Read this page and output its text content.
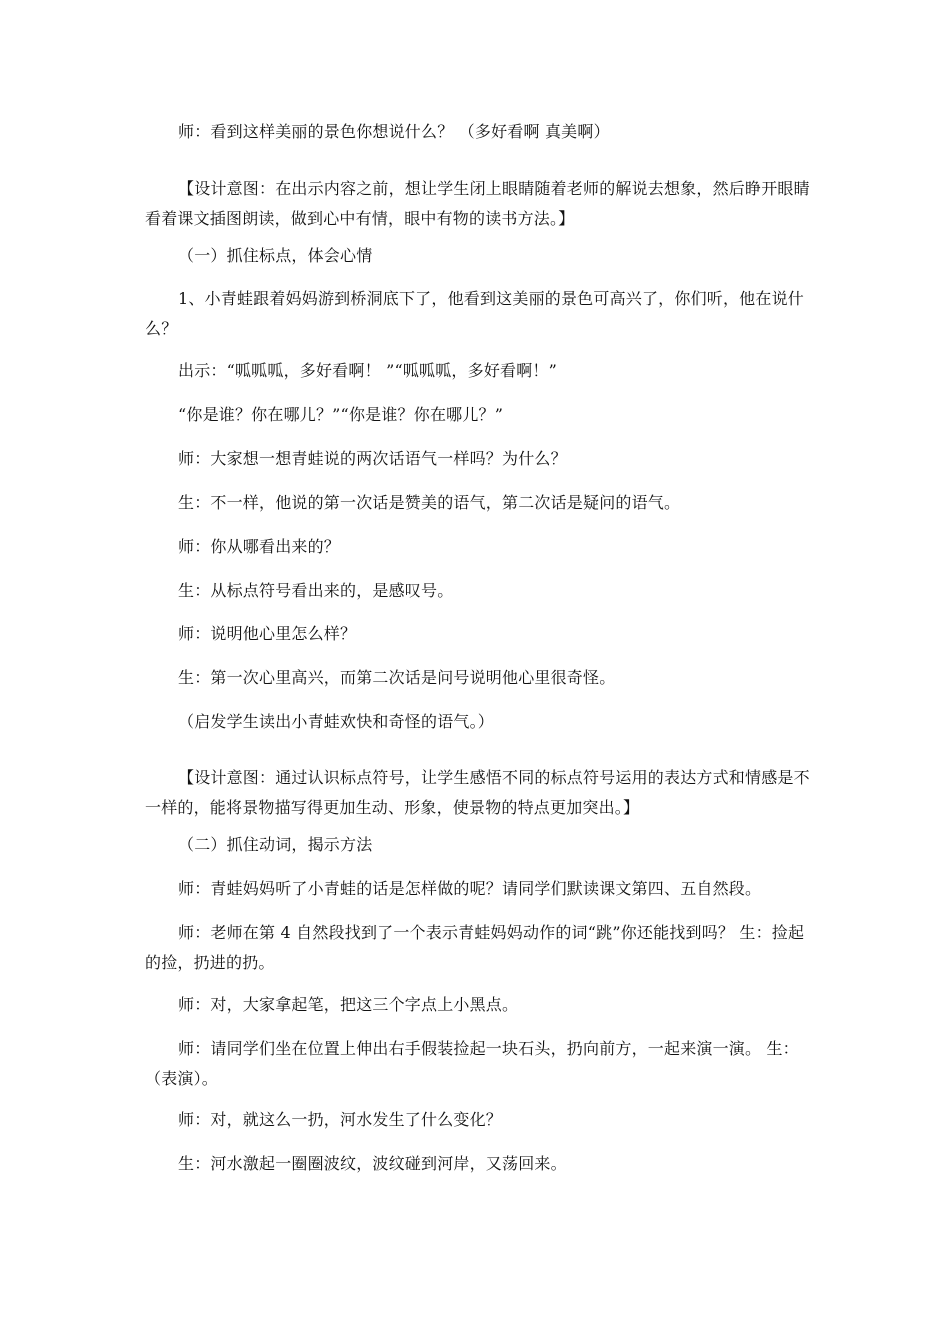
师：看到这样美丽的景色你想说什么？ （多好看啊 真美啊）
【设计意图：在出示内容之前，想让学生闭上眼睛随着老师的解说去想象，然后睁开眼睛看着课文插图朗读，做到心中有情，眼中有物的读书方法。】
（一）抓住标点，体会心情
1、小青蛙跟着妈妈游到桥洞底下了，他看到这美丽的景色可高兴了，你们听，他在说什么？
出示：“呱呱呱，多好看啊！ ”“呱呱呱，多好看啊！”
“你是谁？你在哪儿？”“你是谁？你在哪儿？”
师：大家想一想青蛙说的两次话语气一样吗？为什么？
生：不一样，他说的第一次话是赞美的语气，第二次话是疑问的语气。
师：你从哪看出来的？
生：从标点符号看出来的，是感叹号。
师：说明他心里怎么样？
生：第一次心里高兴，而第二次话是问号说明他心里很奇怪。
（启发学生读出小青蛙欢快和奇怪的语气。）
【设计意图：通过认识标点符号，让学生感悟不同的标点符号运用的表达方式和情感是不一样的，能将景物描写得更加生动、形象，使景物的特点更加突出。】
（二）抓住动词，揭示方法
师：青蛙妈妈听了小青蛙的话是怎样做的呢？请同学们默读课文第四、五自然段。
师：老师在第 4 自然段找到了一个表示青蛙妈妈动作的词“跳”你还能找到吗？ 生：捡起的捡，扔进的扔。
师：对，大家拿起笔，把这三个字点上小黑点。
师：请同学们坐在位置上伸出右手假装捡起一块石头，扔向前方，一起来演一演。 生：（表演）。
师：对，就这么一扔，河水发生了什么变化？
生：河水激起一圈圈波纹，波纹碰到河岸，又荡回来。
